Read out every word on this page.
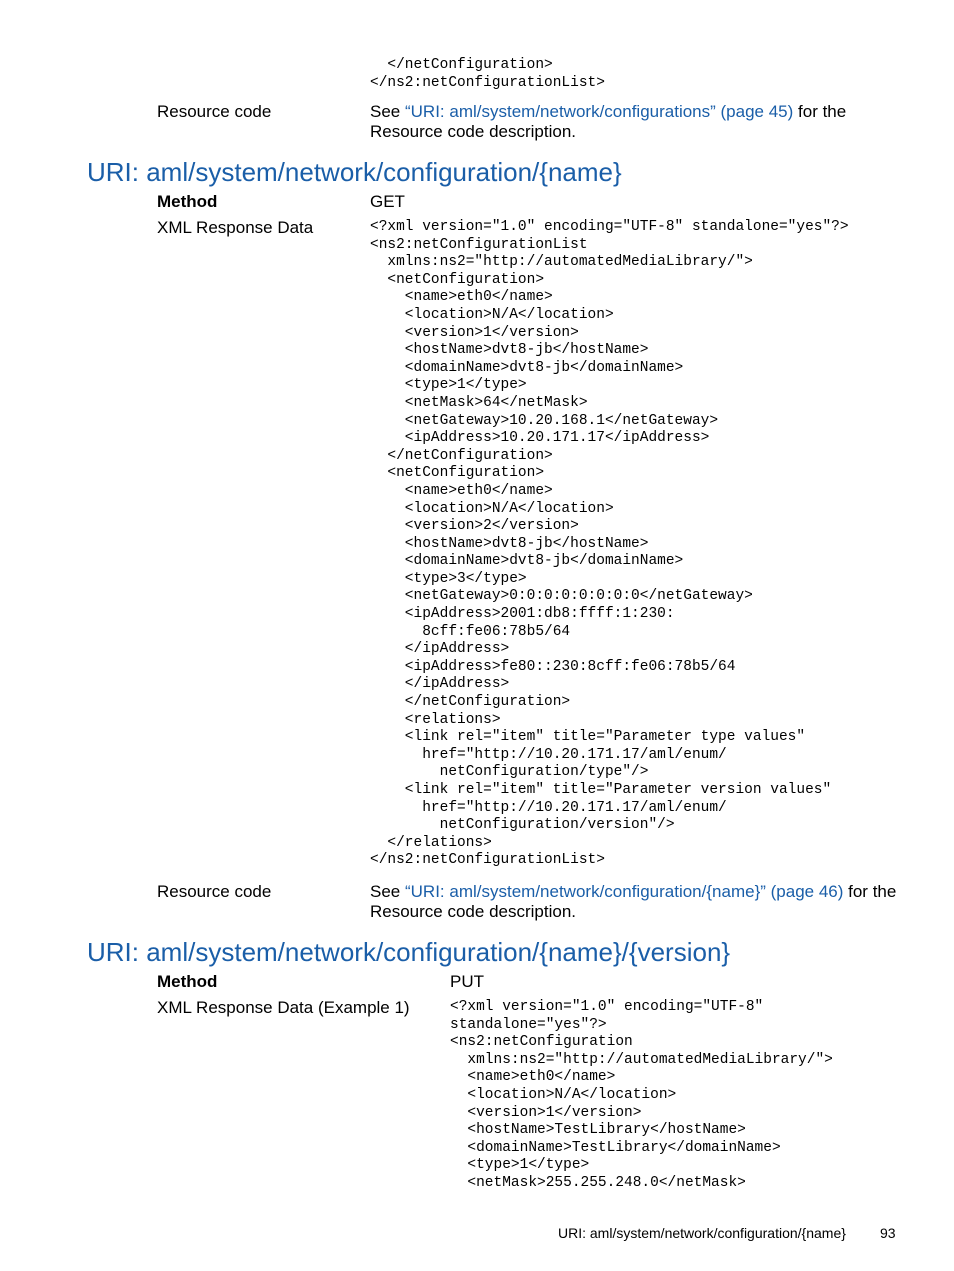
</netConfiguration>
</ns2:netConfigurationList>
Resource code	See “URI: aml/system/network/configurations” (page 45) for the Resource code description.
URI: aml/system/network/configuration/{name}
Method	GET
XML Response Data	<?xml version="1.0" encoding="UTF-8" standalone="yes"?>
<ns2:netConfigurationList
xmlns:ns2="http://automatedMediaLibrary/">
<netConfiguration>
<name>eth0</name>
<location>N/A</location>
<version>1</version>
<hostName>dvt8-jb</hostName>
<domainName>dvt8-jb</domainName>
<type>1</type>
<netMask>64</netMask>
<netGateway>10.20.168.1</netGateway>
<ipAddress>10.20.171.17</ipAddress>
</netConfiguration>
<netConfiguration>
<name>eth0</name>
<location>N/A</location>
<version>2</version>
<hostName>dvt8-jb</hostName>
<domainName>dvt8-jb</domainName>
<type>3</type>
<netGateway>0:0:0:0:0:0:0:0</netGateway>
<ipAddress>2001:db8:ffff:1:230:
8cff:fe06:78b5/64
</ipAddress>
<ipAddress>fe80::230:8cff:fe06:78b5/64
</ipAddress>
</netConfiguration>
<relations>
<link rel="item" title="Parameter type values"
href="http://10.20.171.17/aml/enum/
netConfiguration/type"/>
<link rel="item" title="Parameter version values"
href="http://10.20.171.17/aml/enum/
netConfiguration/version"/>
</relations>
</ns2:netConfigurationList>
Resource code	See “URI: aml/system/network/configuration/{name}” (page 46) for the Resource code description.
URI: aml/system/network/configuration/{name}/{version}
Method	PUT
XML Response Data (Example 1)	<?xml version="1.0" encoding="UTF-8"
standalone="yes"?>
<ns2:netConfiguration
xmlns:ns2="http://automatedMediaLibrary/">
<name>eth0</name>
<location>N/A</location>
<version>1</version>
<hostName>TestLibrary</hostName>
<domainName>TestLibrary</domainName>
<type>1</type>
<netMask>255.255.248.0</netMask>
URI: aml/system/network/configuration/{name} 93
